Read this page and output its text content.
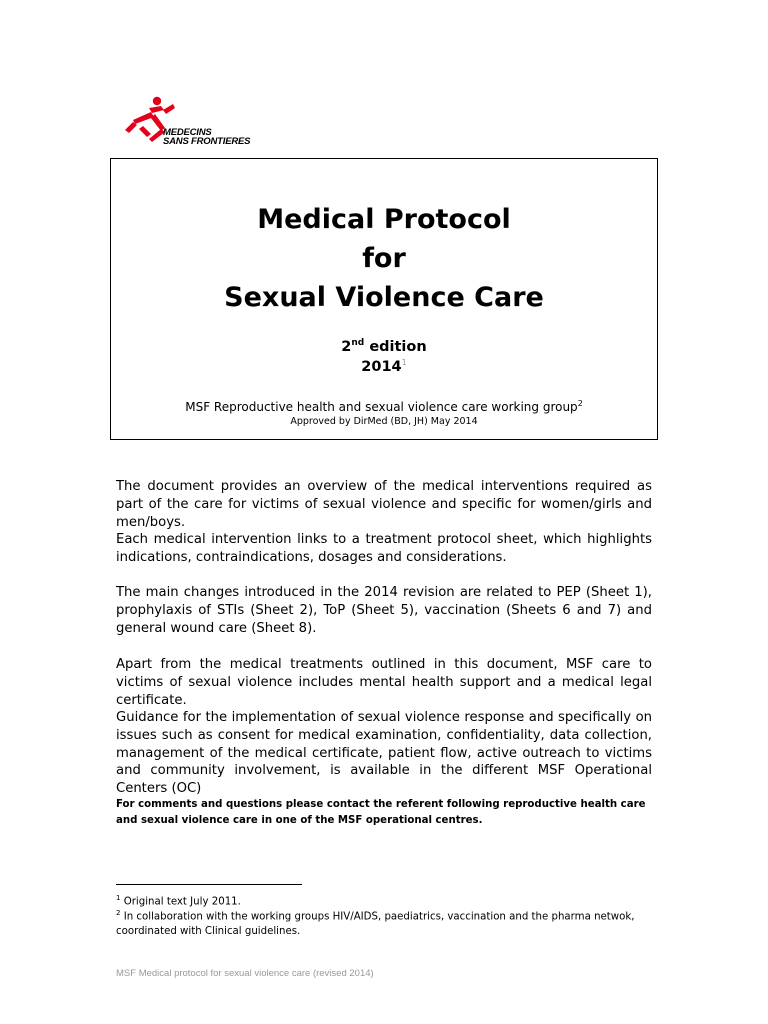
MEDECINS
SANS FRONTIERES
Medical Protocol
for
Sexual Violence Care
2nd edition
2014$^1$
MSF Reproductive health and sexual violence care working group$^2$
Approved by DirMed (BD, JH) May 2014

The document provides an overview of the medical interventions required as part of the care for victims of sexual violence and specific for women/girls and men/boys.

Each medical intervention links to a treatment protocol sheet, which highlights indications, contraindications, dosages and considerations.

The main changes introduced in the 2014 revision are related to PEP (Sheet 1), prophylaxis of STIs (Sheet 2), ToP (Sheet 5), vaccination (Sheets 6 and 7) and general wound care (Sheet 8).

Apart from the medical treatments outlined in this document, MSF care to victims of sexual violence includes mental health support and a medical legal certificate.

Guidance for the implementation of sexual violence response and specifically on issues such as consent for medical examination, confidentiality, data collection, management of the medical certificate, patient flow, active outreach to victims and community involvement, is available in the different MSF Operational Centers (OC)

For comments and questions please contact the referent following reproductive health care and sexual violence care in one of the MSF operational centres.

$^1$ Original text July 2011.

$^2$ In collaboration with the working groups HIV/AIDS, paediatrics, vaccination and the pharma netwok, coordinated with Clinical guidelines.

MSF Medical protocol for sexual violence care (revised 2014)
